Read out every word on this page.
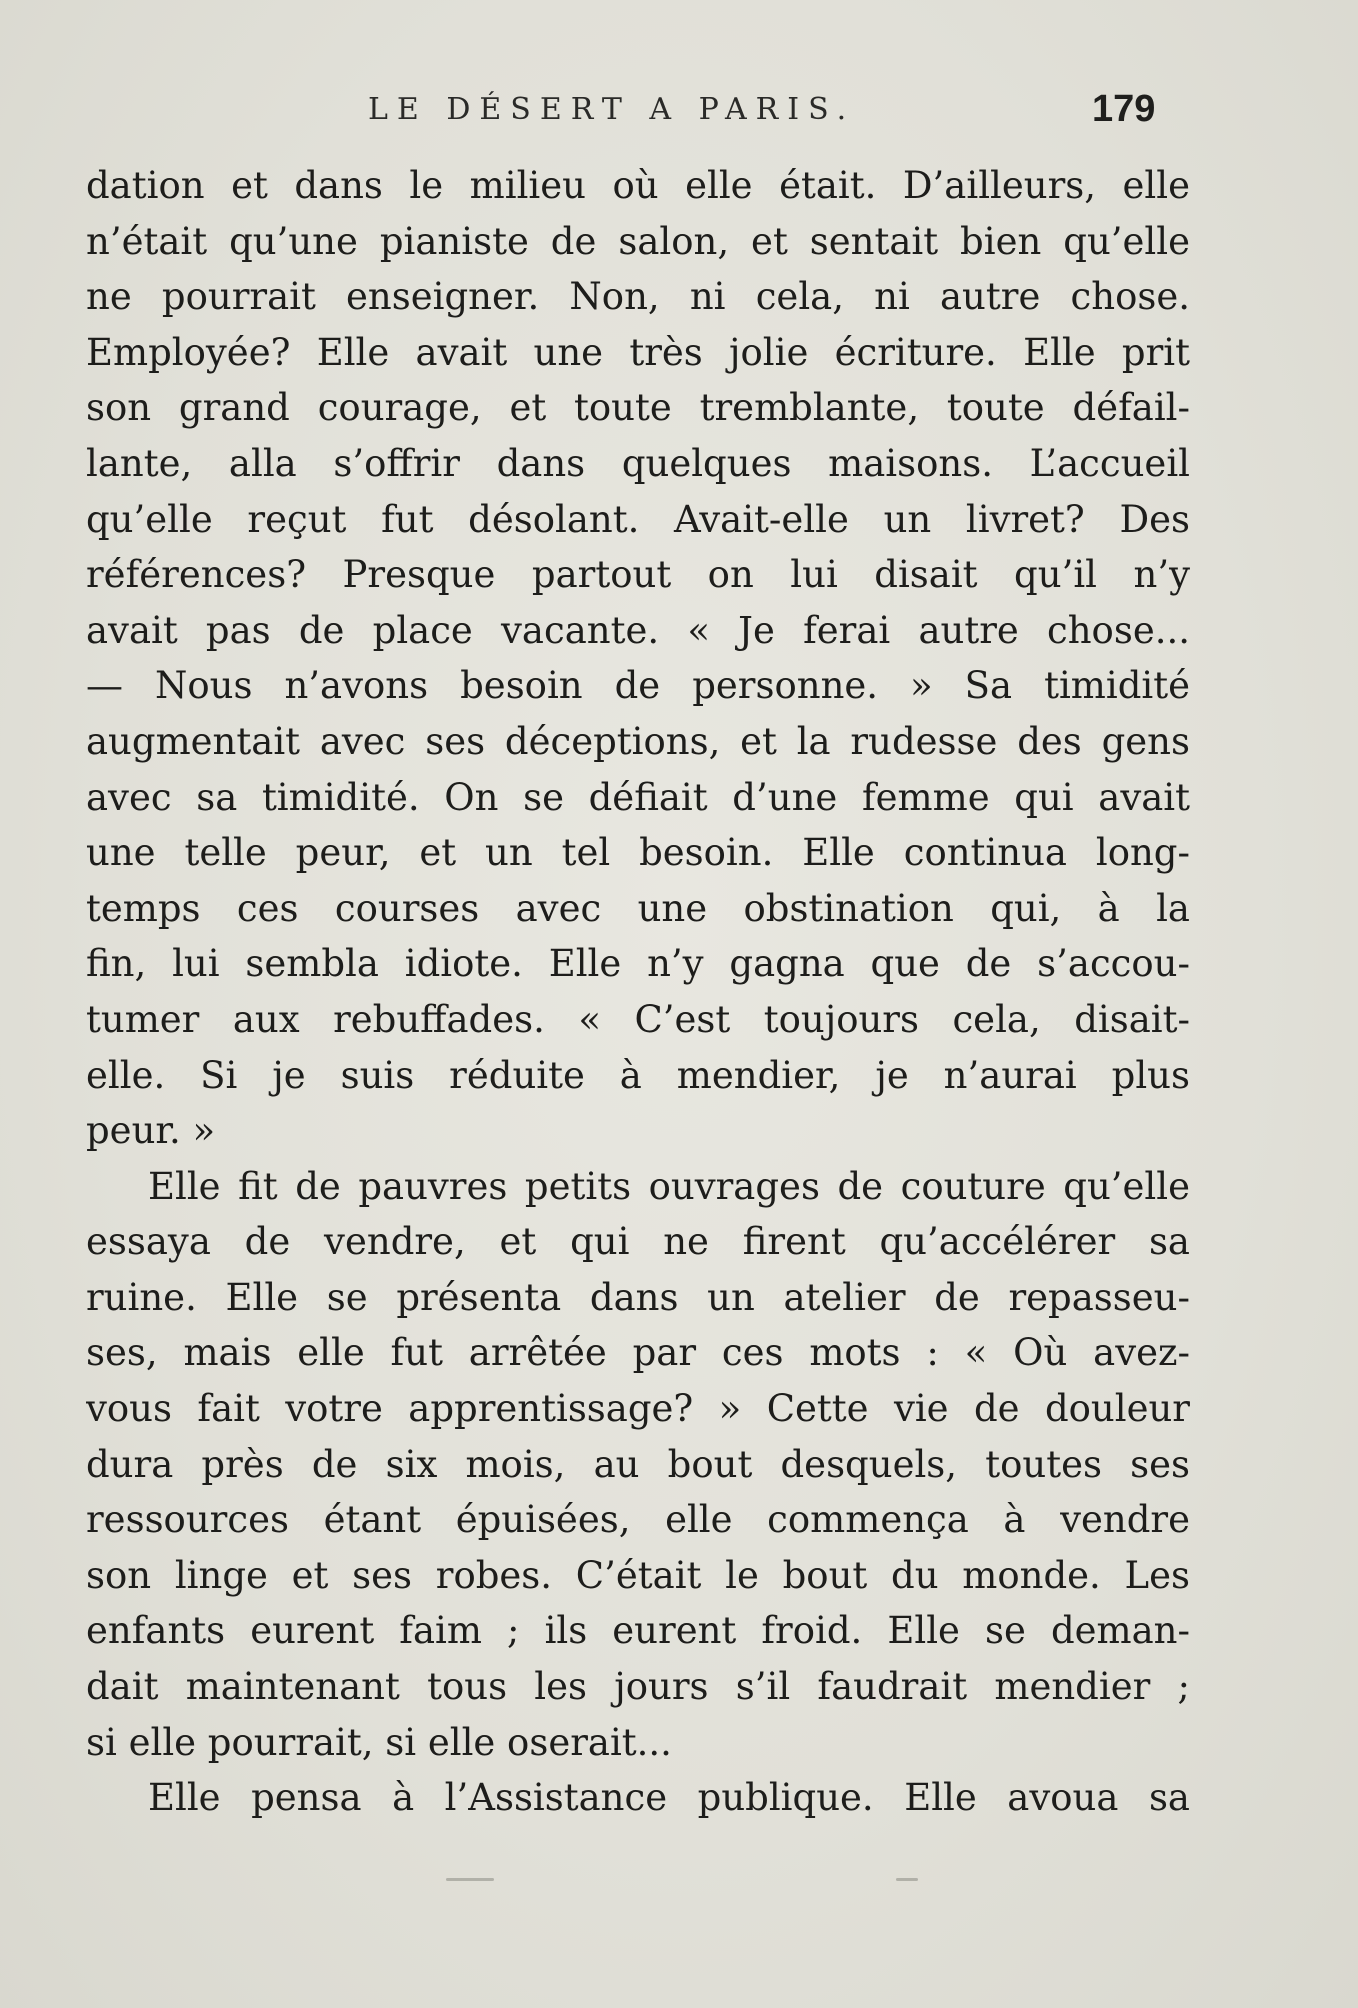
LE DÉSERT A PARIS.	179
dation et dans le milieu où elle était. D’ailleurs, elle
n’était qu’une pianiste de salon, et sentait bien qu’elle
ne pourrait enseigner. Non, ni cela, ni autre chose.
Employée? Elle avait une très jolie écriture. Elle prit
son grand courage, et toute tremblante, toute défail-
lante, alla s’offrir dans quelques maisons. L’accueil
qu’elle reçut fut désolant. Avait-elle un livret? Des
références? Presque partout on lui disait qu’il n’y
avait pas de place vacante. « Je ferai autre chose...
— Nous n’avons besoin de personne. » Sa timidité
augmentait avec ses déceptions, et la rudesse des gens
avec sa timidité. On se défiait d’une femme qui avait
une telle peur, et un tel besoin. Elle continua long-
temps ces courses avec une obstination qui, à la
fin, lui sembla idiote. Elle n’y gagna que de s’accou-
tumer aux rebuffades. « C’est toujours cela, disait-
elle. Si je suis réduite à mendier, je n’aurai plus
peur. »
Elle fit de pauvres petits ouvrages de couture qu’elle
essaya de vendre, et qui ne firent qu’accélérer sa
ruine. Elle se présenta dans un atelier de repasseu-
ses, mais elle fut arrêtée par ces mots : « Où avez-
vous fait votre apprentissage? » Cette vie de douleur
dura près de six mois, au bout desquels, toutes ses
ressources étant épuisées, elle commença à vendre
son linge et ses robes. C’était le bout du monde. Les
enfants eurent faim ; ils eurent froid. Elle se deman-
dait maintenant tous les jours s’il faudrait mendier ;
si elle pourrait, si elle oserait...
Elle pensa à l’Assistance publique. Elle avoua sa
